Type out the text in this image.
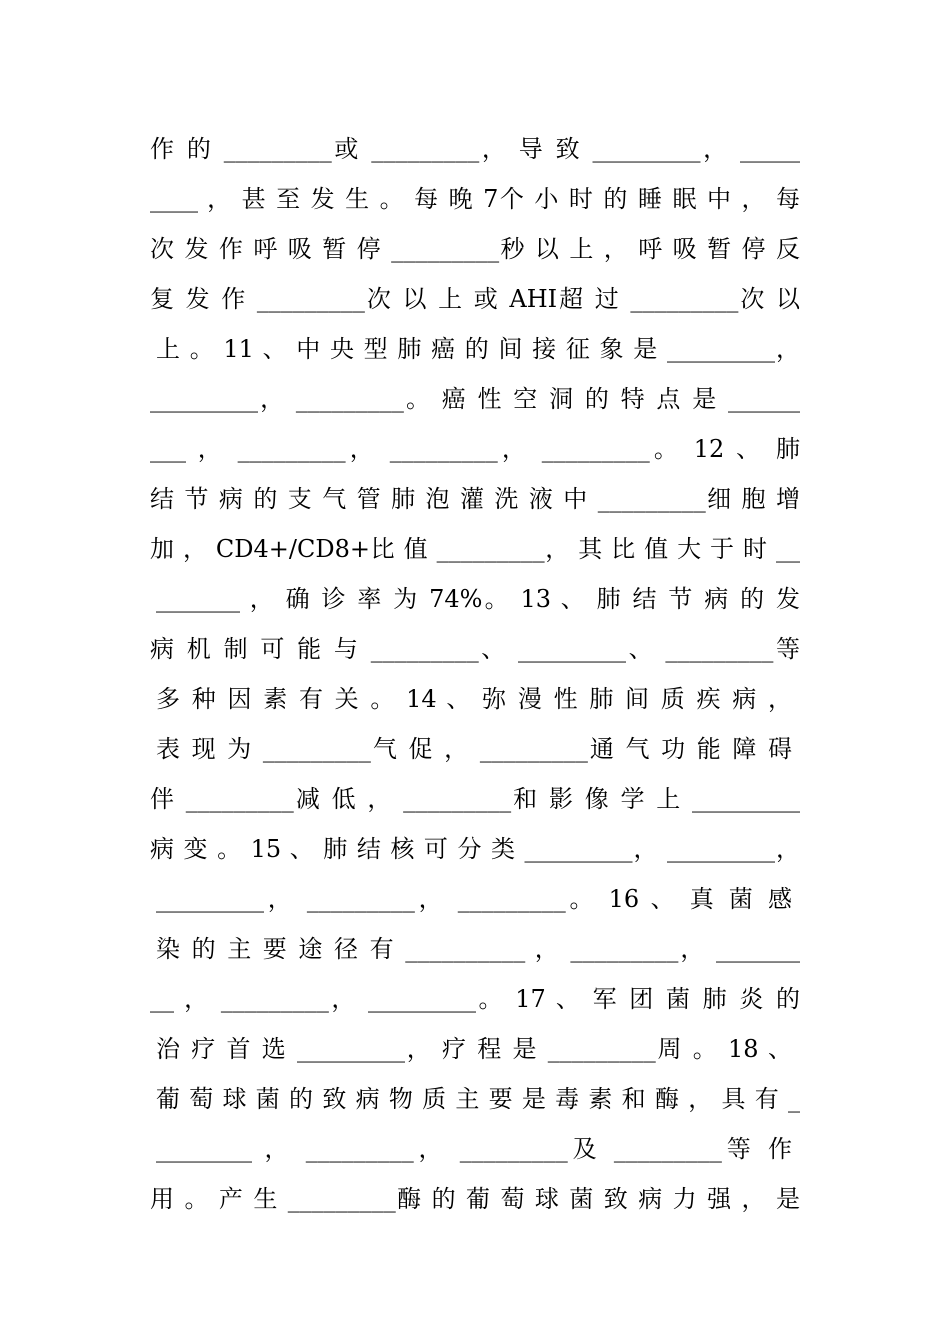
作 的 _________或 _________， 导 致 _________， _____
____ ， 甚 至 发 生 。 每 晚 7个 小 时 的 睡 眠 中 ， 每
次 发 作 呼 吸 暂 停 _________秒 以 上 ， 呼 吸 暂 停 反
复 发 作 _________次 以 上 或 AHI超 过 _________次 以
上 。 11 、 中 央 型 肺 癌 的 间 接 征 象 是 _________，
_________， _________。 癌 性 空 洞 的 特 点 是 ______
___ ， _________， _________， _________。 12 、 肺
结 节 病 的 支 气 管 肺 泡 灌 洗 液 中 _________细 胞 增
加 ， CD4+/CD8+比 值 _________， 其 比 值 大 于 时 __
_______ ， 确 诊 率 为 74%。 13 、 肺 结 节 病 的 发
病 机 制 可 能 与 _________、 _________、 _________等
多 种 因 素 有 关 。 14 、 弥 漫 性 肺 间 质 疾 病 ，
表 现 为 _________气 促 ， _________通 气 功 能 障 碍
伴 _________减 低 ， _________和 影 像 学 上 _________
病 变 。 15 、 肺 结 核 可 分 类 _________， _________，
_________， _________， _________。 16 、 真 菌 感
染 的 主 要 途 径 有 __________ ， _________， _______
__ ， _________， _________。 17 、 军 团 菌 肺 炎 的
治 疗 首 选 _________， 疗 程 是 _________周 。 18 、
葡 萄 球 菌 的 致 病 物 质 主 要 是 毒 素 和 酶 ， 具 有 _
________ ， _________， _________及 _________等 作
用 。 产 生 _________酶 的 葡 萄 球 菌 致 病 力 强 ， 是
